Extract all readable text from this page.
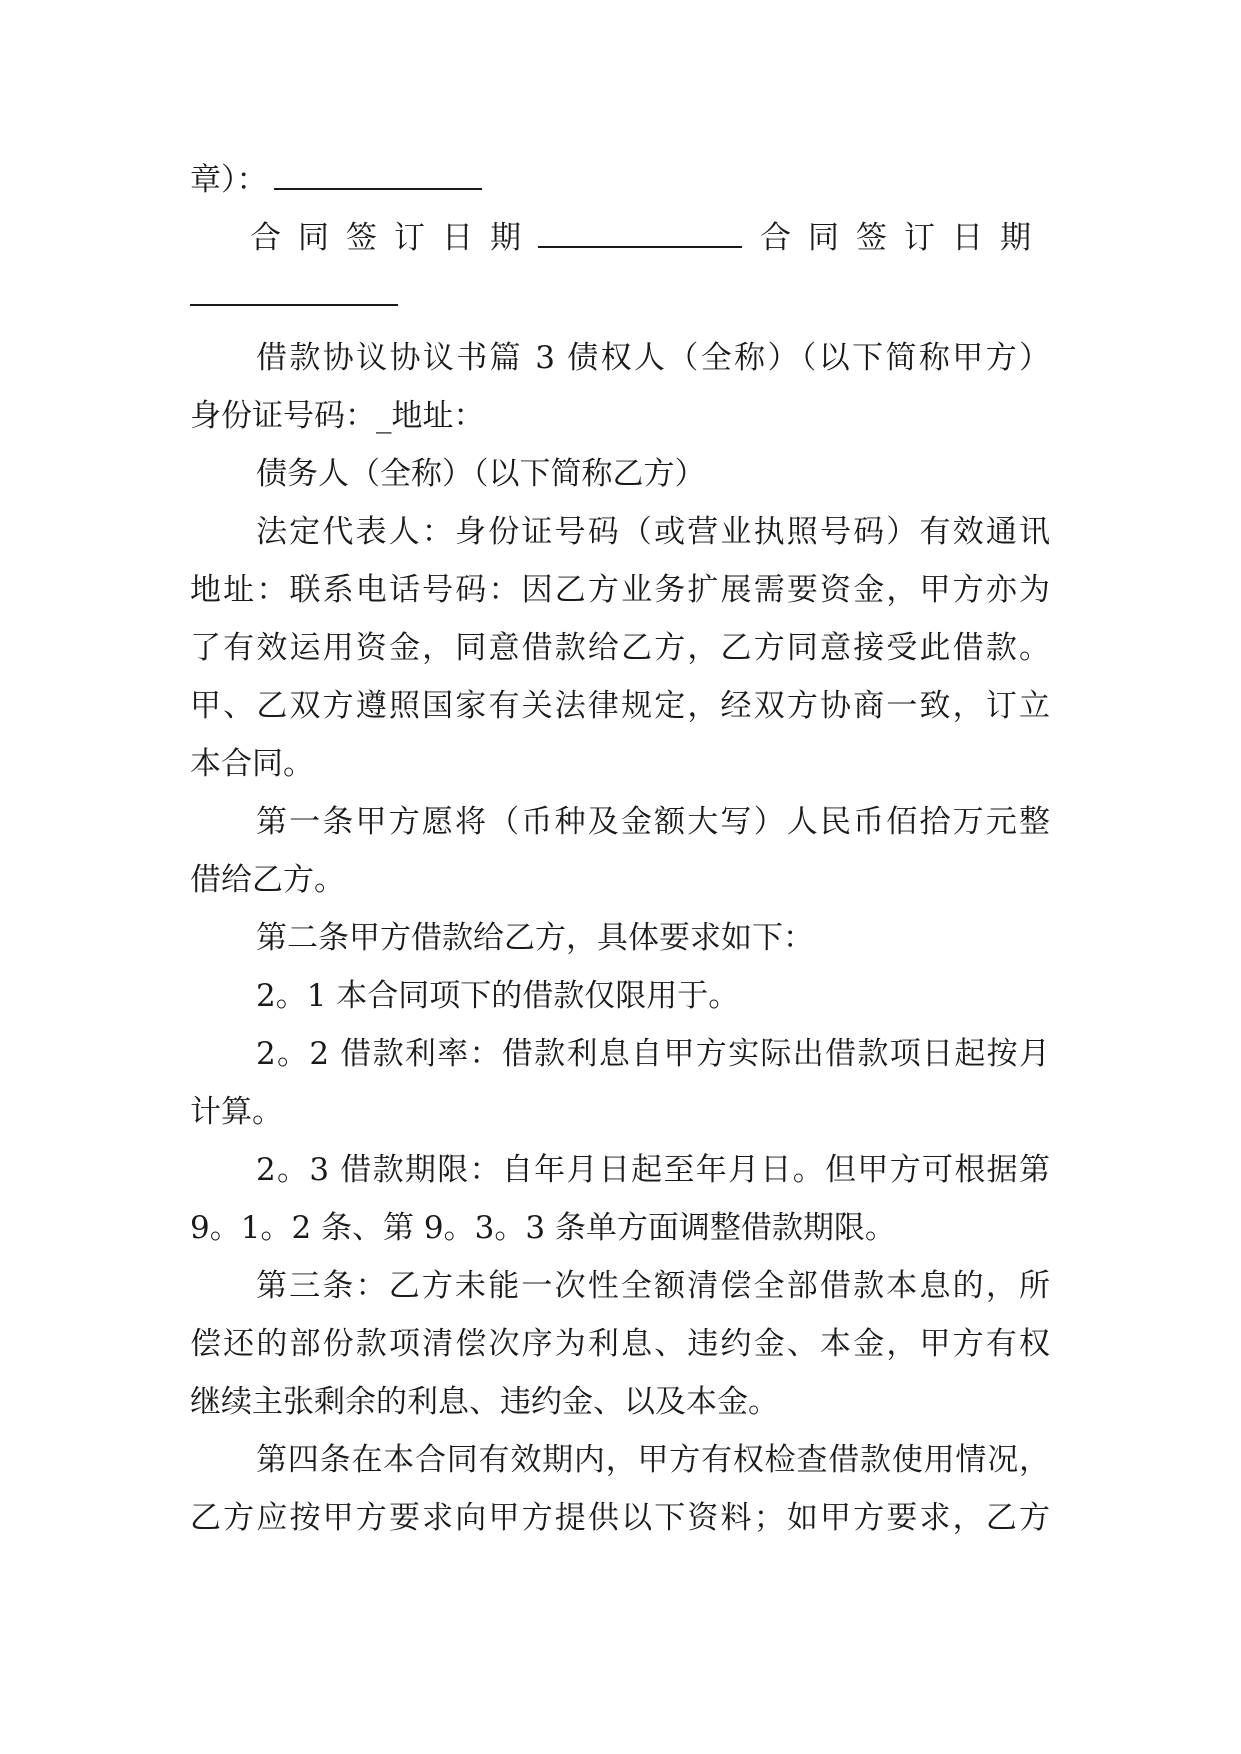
章）：
合同签订日期	合同签订日期
借款协议协议书篇 3 债权人（全称）（以下简称甲方）
身份证号码：_地址：
债务人（全称）（以下简称乙方）
法定代表人：身份证号码（或营业执照号码）有效通讯
地址：联系电话号码：因乙方业务扩展需要资金，甲方亦为
了有效运用资金，同意借款给乙方，乙方同意接受此借款。
甲、乙双方遵照国家有关法律规定，经双方协商一致，订立
本合同。
第一条甲方愿将（币种及金额大写）人民币佰拾万元整
借给乙方。
第二条甲方借款给乙方，具体要求如下：
2。1 本合同项下的借款仅限用于。
2。2 借款利率：借款利息自甲方实际出借款项日起按月
计算。
2。3 借款期限：自年月日起至年月日。但甲方可根据第
9。1。2 条、第 9。3。3 条单方面调整借款期限。
第三条：乙方未能一次性全额清偿全部借款本息的，所
偿还的部份款项清偿次序为利息、违约金、本金，甲方有权
继续主张剩余的利息、违约金、以及本金。
第四条在本合同有效期内，甲方有权检查借款使用情况，
乙方应按甲方要求向甲方提供以下资料；如甲方要求，乙方
